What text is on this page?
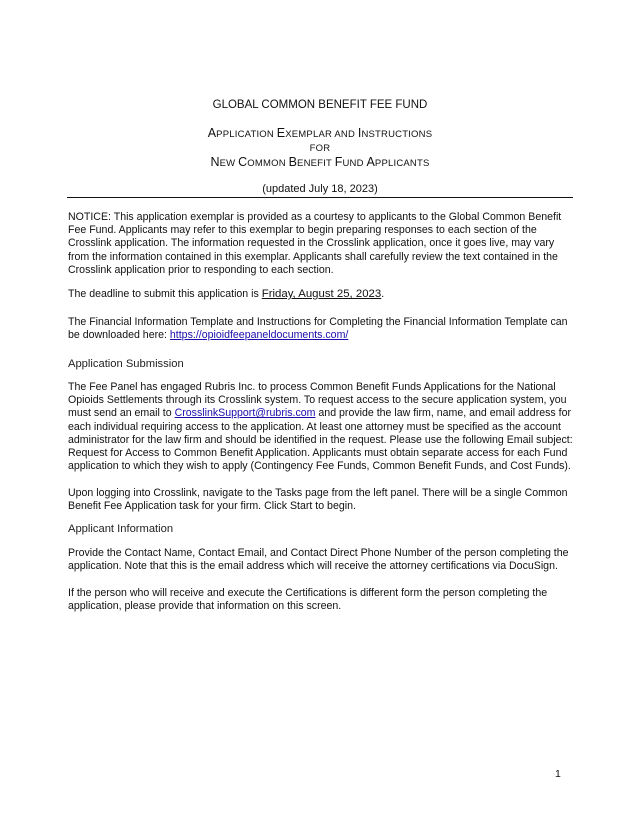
GLOBAL COMMON BENEFIT FEE FUND
APPLICATION EXEMPLAR AND INSTRUCTIONS
FOR
NEW COMMON BENEFIT FUND APPLICANTS
(updated July 18, 2023)

NOTICE: This application exemplar is provided as a courtesy to applicants to the Global Common Benefit Fee Fund. Applicants may refer to this exemplar to begin preparing responses to each section of the Crosslink application. The information requested in the Crosslink application, once it goes live, may vary from the information contained in this exemplar. Applicants shall carefully review the text contained in the Crosslink application prior to responding to each section.

The deadline to submit this application is Friday, August 25, 2023.

The Financial Information Template and Instructions for Completing the Financial Information Template can be downloaded here: https://opioidfeepaneldocuments.com/

Application Submission

The Fee Panel has engaged Rubris Inc. to process Common Benefit Funds Applications for the National Opioids Settlements through its Crosslink system. To request access to the secure application system, you must send an email to CrosslinkSupport@rubris.com and provide the law firm, name, and email address for each individual requiring access to the application. At least one attorney must be specified as the account administrator for the law firm and should be identified in the request. Please use the following Email subject: Request for Access to Common Benefit Application. Applicants must obtain separate access for each Fund application to which they wish to apply (Contingency Fee Funds, Common Benefit Funds, and Cost Funds).

Upon logging into Crosslink, navigate to the Tasks page from the left panel. There will be a single Common Benefit Fee Application task for your firm. Click Start to begin.

Applicant Information

Provide the Contact Name, Contact Email, and Contact Direct Phone Number of the person completing the application. Note that this is the email address which will receive the attorney certifications via DocuSign.

If the person who will receive and execute the Certifications is different form the person completing the application, please provide that information on this screen.

1
